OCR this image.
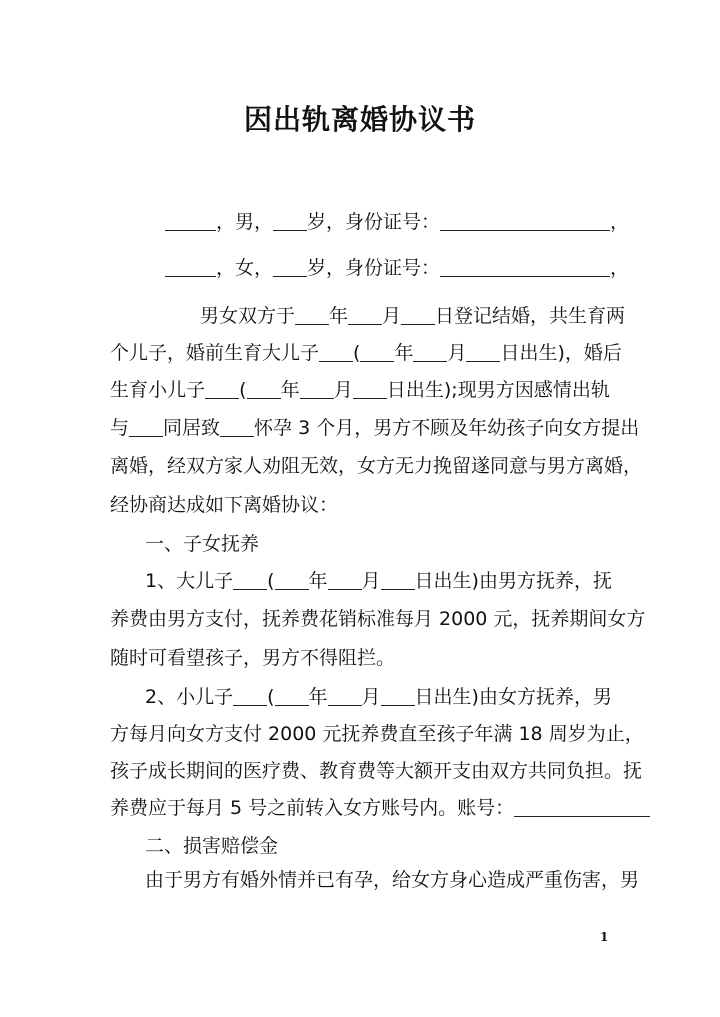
因出轨离婚协议书
，男， 岁，身份证号：	，
，女， 岁，身份证号：	，
男女双方于 年 月 日登记结婚，共生育两
个儿子，婚前生育大儿子 ( 年 月 日出生)，婚后
生育小儿子 ( 年 月 日出生);现男方因感情出轨
与 同居致 怀孕 3 个月，男方不顾及年幼孩子向女方提出
离婚，经双方家人劝阻无效，女方无力挽留遂同意与男方离婚，
经协商达成如下离婚协议：
一、子女抚养
1、大儿子 ( 年 月 日出生)由男方抚养，抚
养费由男方支付，抚养费花销标准每月 2000 元，抚养期间女方
随时可看望孩子，男方不得阻拦。
2、小儿子 ( 年 月 日出生)由女方抚养，男
方每月向女方支付 2000 元抚养费直至孩子年满 18 周岁为止，
孩子成长期间的医疗费、教育费等大额开支由双方共同负担。抚
养费应于每月 5 号之前转入女方账号内。账号：
二、损害赔偿金
由于男方有婚外情并已有孕，给女方身心造成严重伤害，男
1
